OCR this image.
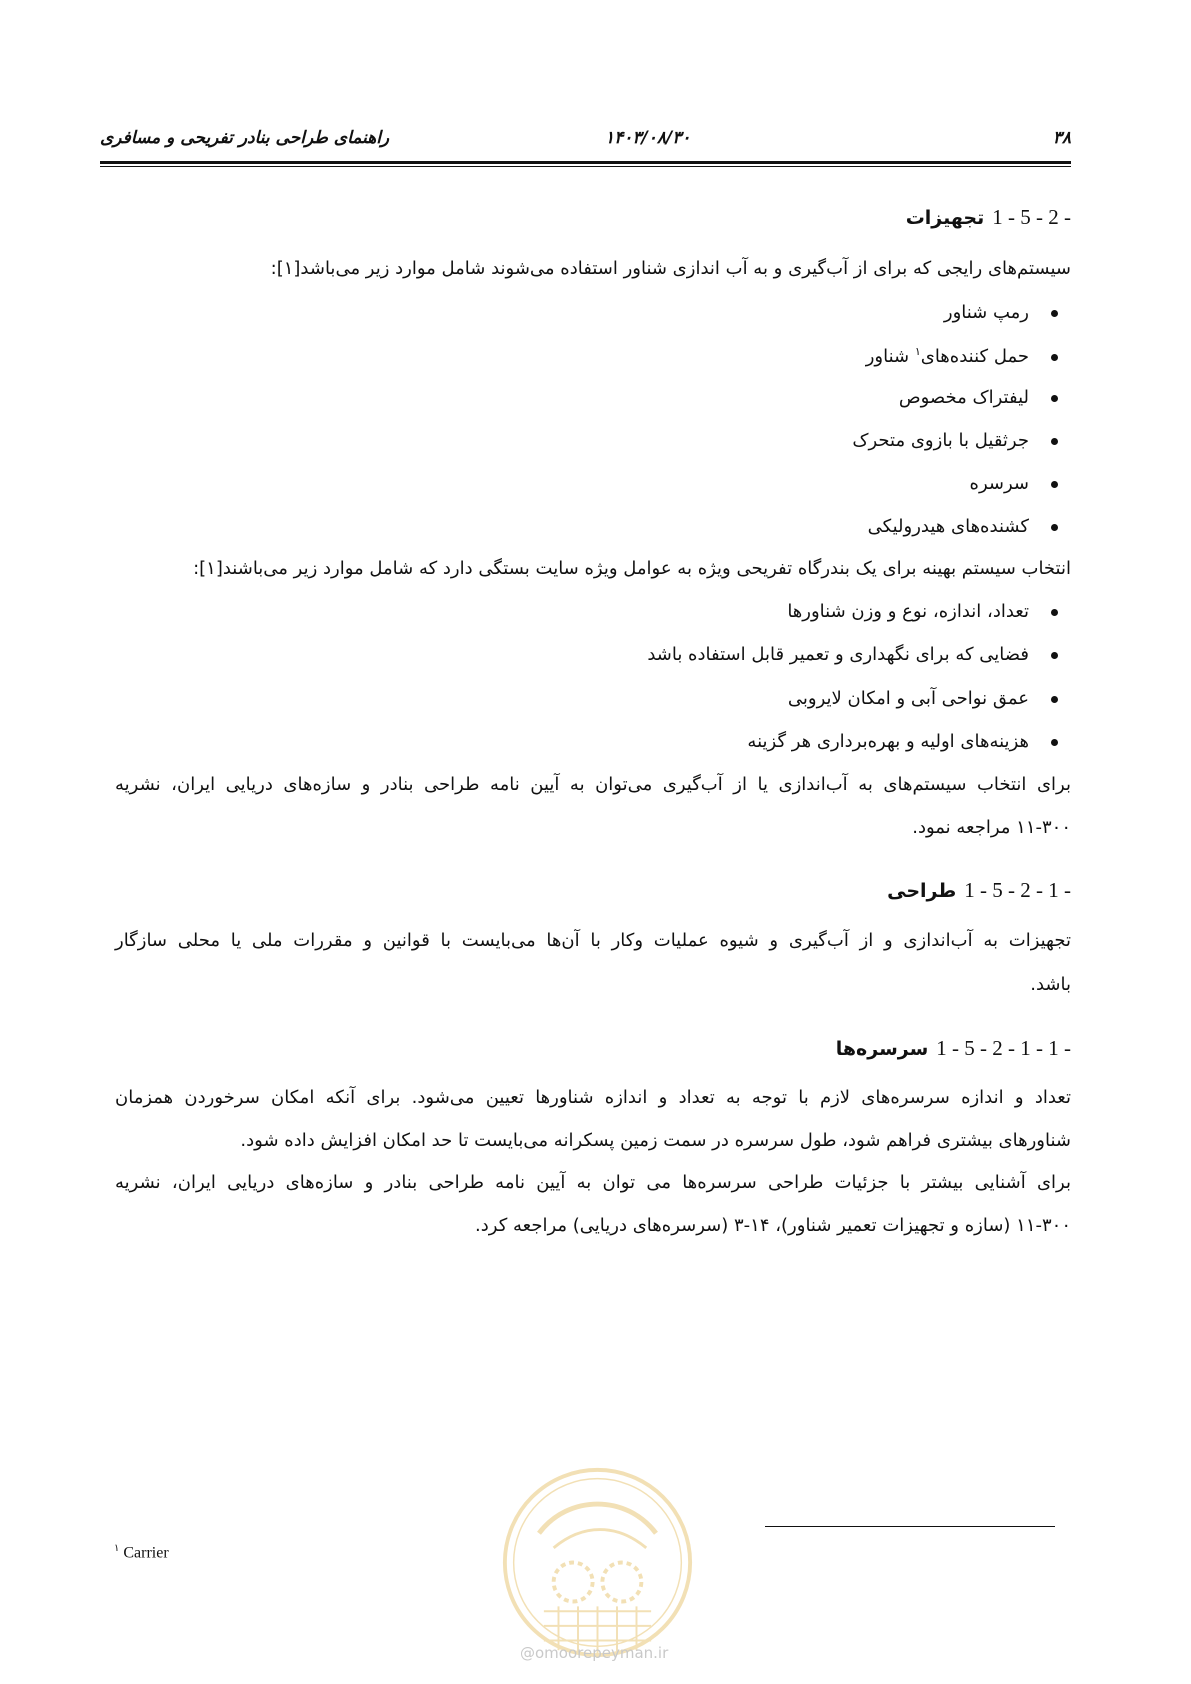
۳۸
۱۴۰۳/۰۸/۳۰
راهنمای طراحی بنادر تفریحی و مسافری
1 - 5 - 2 -تجهیزات
سیستم‌های رایجی که برای از آب‌گیری و به آب اندازی شناور استفاده می‌شوند شامل موارد زیر می‌باشد[۱]:
رمپ شناور
حمل کننده‌های$^۱$ شناور
لیفتراک مخصوص
جرثقیل با بازوی متحرک
سرسره
کشنده‌های هیدرولیکی
انتخاب سیستم بهینه برای یک بندرگاه تفریحی ویژه به عوامل ویژه سایت بستگی دارد که شامل موارد زیر می‌باشند[۱]:
تعداد، اندازه، نوع و وزن شناورها
فضایی که برای نگهداری و تعمیر قابل استفاده باشد
عمق نواحی آبی و امکان لایروبی
هزینه‌های اولیه و بهره‌برداری هر گزینه
برای انتخاب سیستم‌های به آب‌اندازی یا از آب‌گیری می‌توان به آیین نامه طراحی بنادر و سازه‌های دریایی ایران، نشریه
۱۱-۳۰۰ مراجعه نمود.
1 - 5 - 2 - 1 -طراحی
تجهیزات به آب‌اندازی و از آب‌گیری و شیوه عملیات وکار با آن‌ها می‌بایست با قوانین و مقررات ملی یا محلی سازگار
باشد.
1 - 5 - 2 - 1 - 1 -سرسره‌ها
تعداد و اندازه سرسره‌های لازم با توجه به تعداد و اندازه شناورها تعیین می‌شود. برای آنکه امکان سرخوردن همزمان
شناورهای بیشتری فراهم شود، طول سرسره در سمت زمین پسکرانه می‌بایست تا حد امکان افزایش داده شود.
برای آشنایی بیشتر با جزئیات طراحی سرسره‌ها می توان به آیین نامه طراحی بنادر و سازه‌های دریایی ایران، نشریه
۱۱-۳۰۰ (سازه و تجهیزات تعمیر شناور)، ۱۴-۳ (سرسره‌های دریایی) مراجعه کرد.
@omoorepeyman.ir
$^۱$ Carrier
